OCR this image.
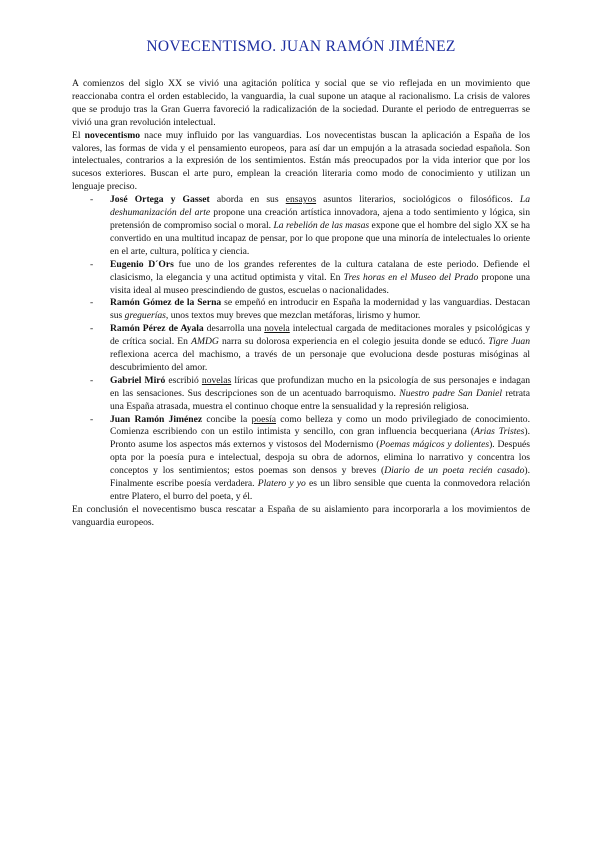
NOVECENTISMO. JUAN RAMÓN JIMÉNEZ

A comienzos del siglo XX se vivió una agitación política y social que se vio reflejada en un movimiento que reaccionaba contra el orden establecido, la vanguardia, la cual supone un ataque al racionalismo. La crisis de valores que se produjo tras la Gran Guerra favoreció la radicalización de la sociedad. Durante el periodo de entreguerras se vivió una gran revolución intelectual.

El novecentismo nace muy influido por las vanguardias. Los novecentistas buscan la aplicación a España de los valores, las formas de vida y el pensamiento europeos, para así dar un empujón a la atrasada sociedad española. Son intelectuales, contrarios a la expresión de los sentimientos. Están más preocupados por la vida interior que por los sucesos exteriores. Buscan el arte puro, emplean la creación literaria como modo de conocimiento y utilizan un lenguaje preciso.

- José Ortega y Gasset aborda en sus ensayos asuntos literarios, sociológicos o filosóficos. La deshumanización del arte propone una creación artística innovadora, ajena a todo sentimiento y lógica, sin pretensión de compromiso social o moral. La rebelión de las masas expone que el hombre del siglo XX se ha convertido en una multitud incapaz de pensar, por lo que propone que una minoría de intelectuales lo oriente en el arte, cultura, política y ciencia.

- Eugenio D´Ors fue uno de los grandes referentes de la cultura catalana de este periodo. Defiende el clasicismo, la elegancia y una actitud optimista y vital. En Tres horas en el Museo del Prado propone una visita ideal al museo prescindiendo de gustos, escuelas o nacionalidades.

- Ramón Gómez de la Serna se empeñó en introducir en España la modernidad y las vanguardias. Destacan sus greguerías, unos textos muy breves que mezclan metáforas, lirismo y humor.

- Ramón Pérez de Ayala desarrolla una novela intelectual cargada de meditaciones morales y psicológicas y de crítica social. En AMDG narra su dolorosa experiencia en el colegio jesuita donde se educó. Tigre Juan reflexiona acerca del machismo, a través de un personaje que evoluciona desde posturas misóginas al descubrimiento del amor.

- Gabriel Miró escribió novelas líricas que profundizan mucho en la psicología de sus personajes e indagan en las sensaciones. Sus descripciones son de un acentuado barroquismo. Nuestro padre San Daniel retrata una España atrasada, muestra el continuo choque entre la sensualidad y la represión religiosa.

- Juan Ramón Jiménez concibe la poesía como belleza y como un modo privilegiado de conocimiento. Comienza escribiendo con un estilo intimista y sencillo, con gran influencia becqueriana (Arias Tristes). Pronto asume los aspectos más externos y vistosos del Modernismo (Poemas mágicos y dolientes). Después opta por la poesía pura e intelectual, despoja su obra de adornos, elimina lo narrativo y concentra los conceptos y los sentimientos; estos poemas son densos y breves (Diario de un poeta recién casado). Finalmente escribe poesía verdadera. Platero y yo es un libro sensible que cuenta la conmovedora relación entre Platero, el burro del poeta, y él.

En conclusión el novecentismo busca rescatar a España de su aislamiento para incorporarla a los movimientos de vanguardia europeos.
